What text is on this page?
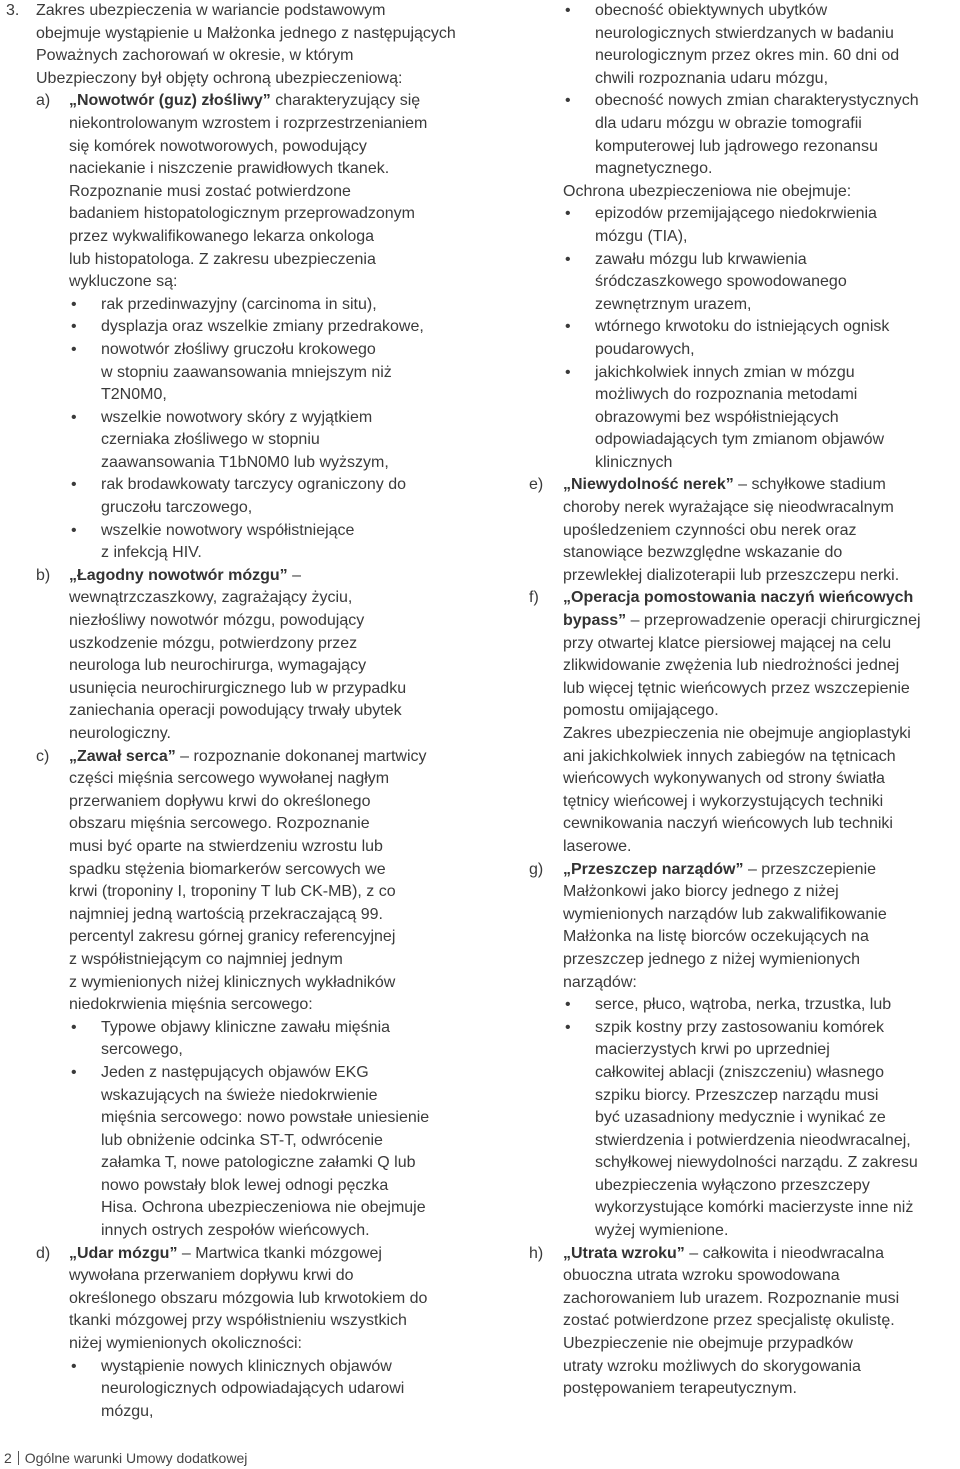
3. Zakres ubezpieczenia w wariancie podstawowym
obejmuje wystąpienie u Małżonka jednego z następujących
Poważnych zachorowań w okresie, w którym
Ubezpieczony był objęty ochroną ubezpieczeniową:
a) „Nowotwór (guz) złośliwy” charakteryzujący się
niekontrolowanym wzrostem i rozprzestrzenianiem
się komórek nowotworowych, powodujący
naciekanie i niszczenie prawidłowych tkanek.
Rozpoznanie musi zostać potwierdzone
badaniem histopatologicznym przeprowadzonym
przez wykwalifikowanego lekarza onkologa
lub histopatologa. Z zakresu ubezpieczenia
wykluczone są:
• rak przedinwazyjny (carcinoma in situ),
• dysplazja oraz wszelkie zmiany przedrakowe,
• nowotwór złośliwy gruczołu krokowego
w stopniu zaawansowania mniejszym niż
T2N0M0,
• wszelkie nowotwory skóry z wyjątkiem
czerniaka złośliwego w stopniu
zaawansowania T1bN0M0 lub wyższym,
• rak brodawkowaty tarczycy ograniczony do
gruczołu tarczowego,
• wszelkie nowotwory współistniejące
z infekcją HIV.
b) „Łagodny nowotwór mózgu” –
wewnątrzczaszkowy, zagrażający życiu,
niezłośliwy nowotwór mózgu, powodujący
uszkodzenie mózgu, potwierdzony przez
neurologa lub neurochirurga, wymagający
usunięcia neurochirurgicznego lub w przypadku
zaniechania operacji powodujący trwały ubytek
neurologiczny.
c) „Zawał serca” – rozpoznanie dokonanej martwicy
części mięśnia sercowego wywołanej nagłym
przerwaniem dopływu krwi do określonego
obszaru mięśnia sercowego. Rozpoznanie
musi być oparte na stwierdzeniu wzrostu lub
spadku stężenia biomarkerów sercowych we
krwi (troponiny I, troponiny T lub CK-MB), z co
najmniej jedną wartością przekraczającą 99.
percentyl zakresu górnej granicy referencyjnej
z współistniejącym co najmniej jednym
z wymienionych niżej klinicznych wykładników
niedokrwienia mięśnia sercowego:
• Typowe objawy kliniczne zawału mięśnia
sercowego,
• Jeden z następujących objawów EKG
wskazujących na świeże niedokrwienie
mięśnia sercowego: nowo powstałe uniesienie
lub obniżenie odcinka ST-T, odwrócenie
załamka T, nowe patologiczne załamki Q lub
nowo powstały blok lewej odnogi pęczka
Hisa. Ochrona ubezpieczeniowa nie obejmuje
innych ostrych zespołów wieńcowych.
d) „Udar mózgu” – Martwica tkanki mózgowej
wywołana przerwaniem dopływu krwi do
określonego obszaru mózgowia lub krwotokiem do
tkanki mózgowej przy współistnieniu wszystkich
niżej wymienionych okoliczności:
• wystąpienie nowych klinicznych objawów
neurologicznych odpowiadających udarowi
mózgu,
• obecność obiektywnych ubytków
neurologicznych stwierdzanych w badaniu
neurologicznym przez okres min. 60 dni od
chwili rozpoznania udaru mózgu,
• obecność nowych zmian charakterystycznych
dla udaru mózgu w obrazie tomografii
komputerowej lub jądrowego rezonansu
magnetycznego.
Ochrona ubezpieczeniowa nie obejmuje:
• epizodów przemijającego niedokrwienia
mózgu (TIA),
• zawału mózgu lub krwawienia
śródczaszkowego spowodowanego
zewnętrznym urazem,
• wtórnego krwotoku do istniejących ognisk
poudarowych,
• jakichkolwiek innych zmian w mózgu
możliwych do rozpoznania metodami
obrazowymi bez współistniejących
odpowiadających tym zmianom objawów
klinicznych
e) „Niewydolność nerek” – schyłkowe stadium
choroby nerek wyrażające się nieodwracalnym
upośledzeniem czynności obu nerek oraz
stanowiące bezwzględne wskazanie do
przewlekłej dializoterapii lub przeszczepu nerki.
f) „Operacja pomostowania naczyń wieńcowych
bypass” – przeprowadzenie operacji chirurgicznej
przy otwartej klatce piersiowej mającej na celu
zlikwidowanie zwężenia lub niedrożności jednej
lub więcej tętnic wieńcowych przez wszczepienie
pomostu omijającego.
Zakres ubezpieczenia nie obejmuje angioplastyki
ani jakichkolwiek innych zabiegów na tętnicach
wieńcowych wykonywanych od strony światła
tętnicy wieńcowej i wykorzystujących techniki
cewnikowania naczyń wieńcowych lub techniki
laserowe.
g) „Przeszczep narządów” – przeszczepienie
Małżonkowi jako biorcy jednego z niżej
wymienionych narządów lub zakwalifikowanie
Małżonka na listę biorców oczekujących na
przeszczep jednego z niżej wymienionych
narządów:
• serce, płuco, wątroba, nerka, trzustka, lub
• szpik kostny przy zastosowaniu komórek
macierzystych krwi po uprzedniej
całkowitej ablacji (zniszczeniu) własnego
szpiku biorcy. Przeszczep narządu musi
być uzasadniony medycznie i wynikać ze
stwierdzenia i potwierdzenia nieodwracalnej,
schyłkowej niewydolności narządu. Z zakresu
ubezpieczenia wyłączono przeszczepy
wykorzystujące komórki macierzyste inne niż
wyżej wymienione.
h) „Utrata wzroku” – całkowita i nieodwracalna
obuoczna utrata wzroku spowodowana
zachorowaniem lub urazem. Rozpoznanie musi
zostać potwierdzone przez specjalistę okulistę.
Ubezpieczenie nie obejmuje przypadków
utraty wzroku możliwych do skorygowania
postępowaniem terapeutycznym.
2 Ogólne warunki Umowy dodatkowej
